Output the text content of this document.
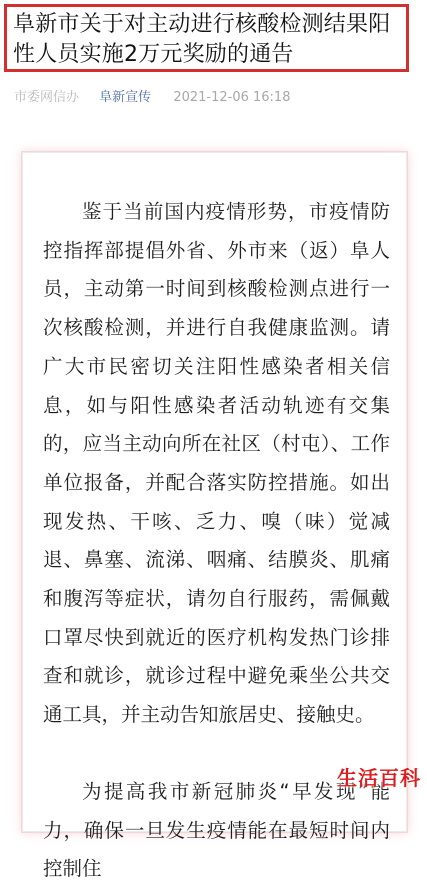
阜新市关于对主动进行核酸检测结果阳性人员实施2万元奖励的通告
市委网信办 阜新宣传 2021-12-06 16:18

鉴于当前国内疫情形势，市疫情防控指挥部提倡外省、外市来（返）阜人员，主动第一时间到核酸检测点进行一次核酸检测，并进行自我健康监测。请广大市民密切关注阳性感染者相关信息，如与阳性感染者活动轨迹有交集的，应当主动向所在社区（村屯）、工作单位报备，并配合落实防控措施。如出现发热、干咳、乏力、嗅（味）觉减退、鼻塞、流涕、咽痛、结膜炎、肌痛和腹泻等症状，请勿自行服药，需佩戴口罩尽快到就近的医疗机构发热门诊排查和就诊，就诊过程中避免乘坐公共交通工具，并主动告知旅居史、接触史。

为提高我市新冠肺炎“早发现”能力，确保一旦发生疫情能在最短时间内控制住

生活百科
